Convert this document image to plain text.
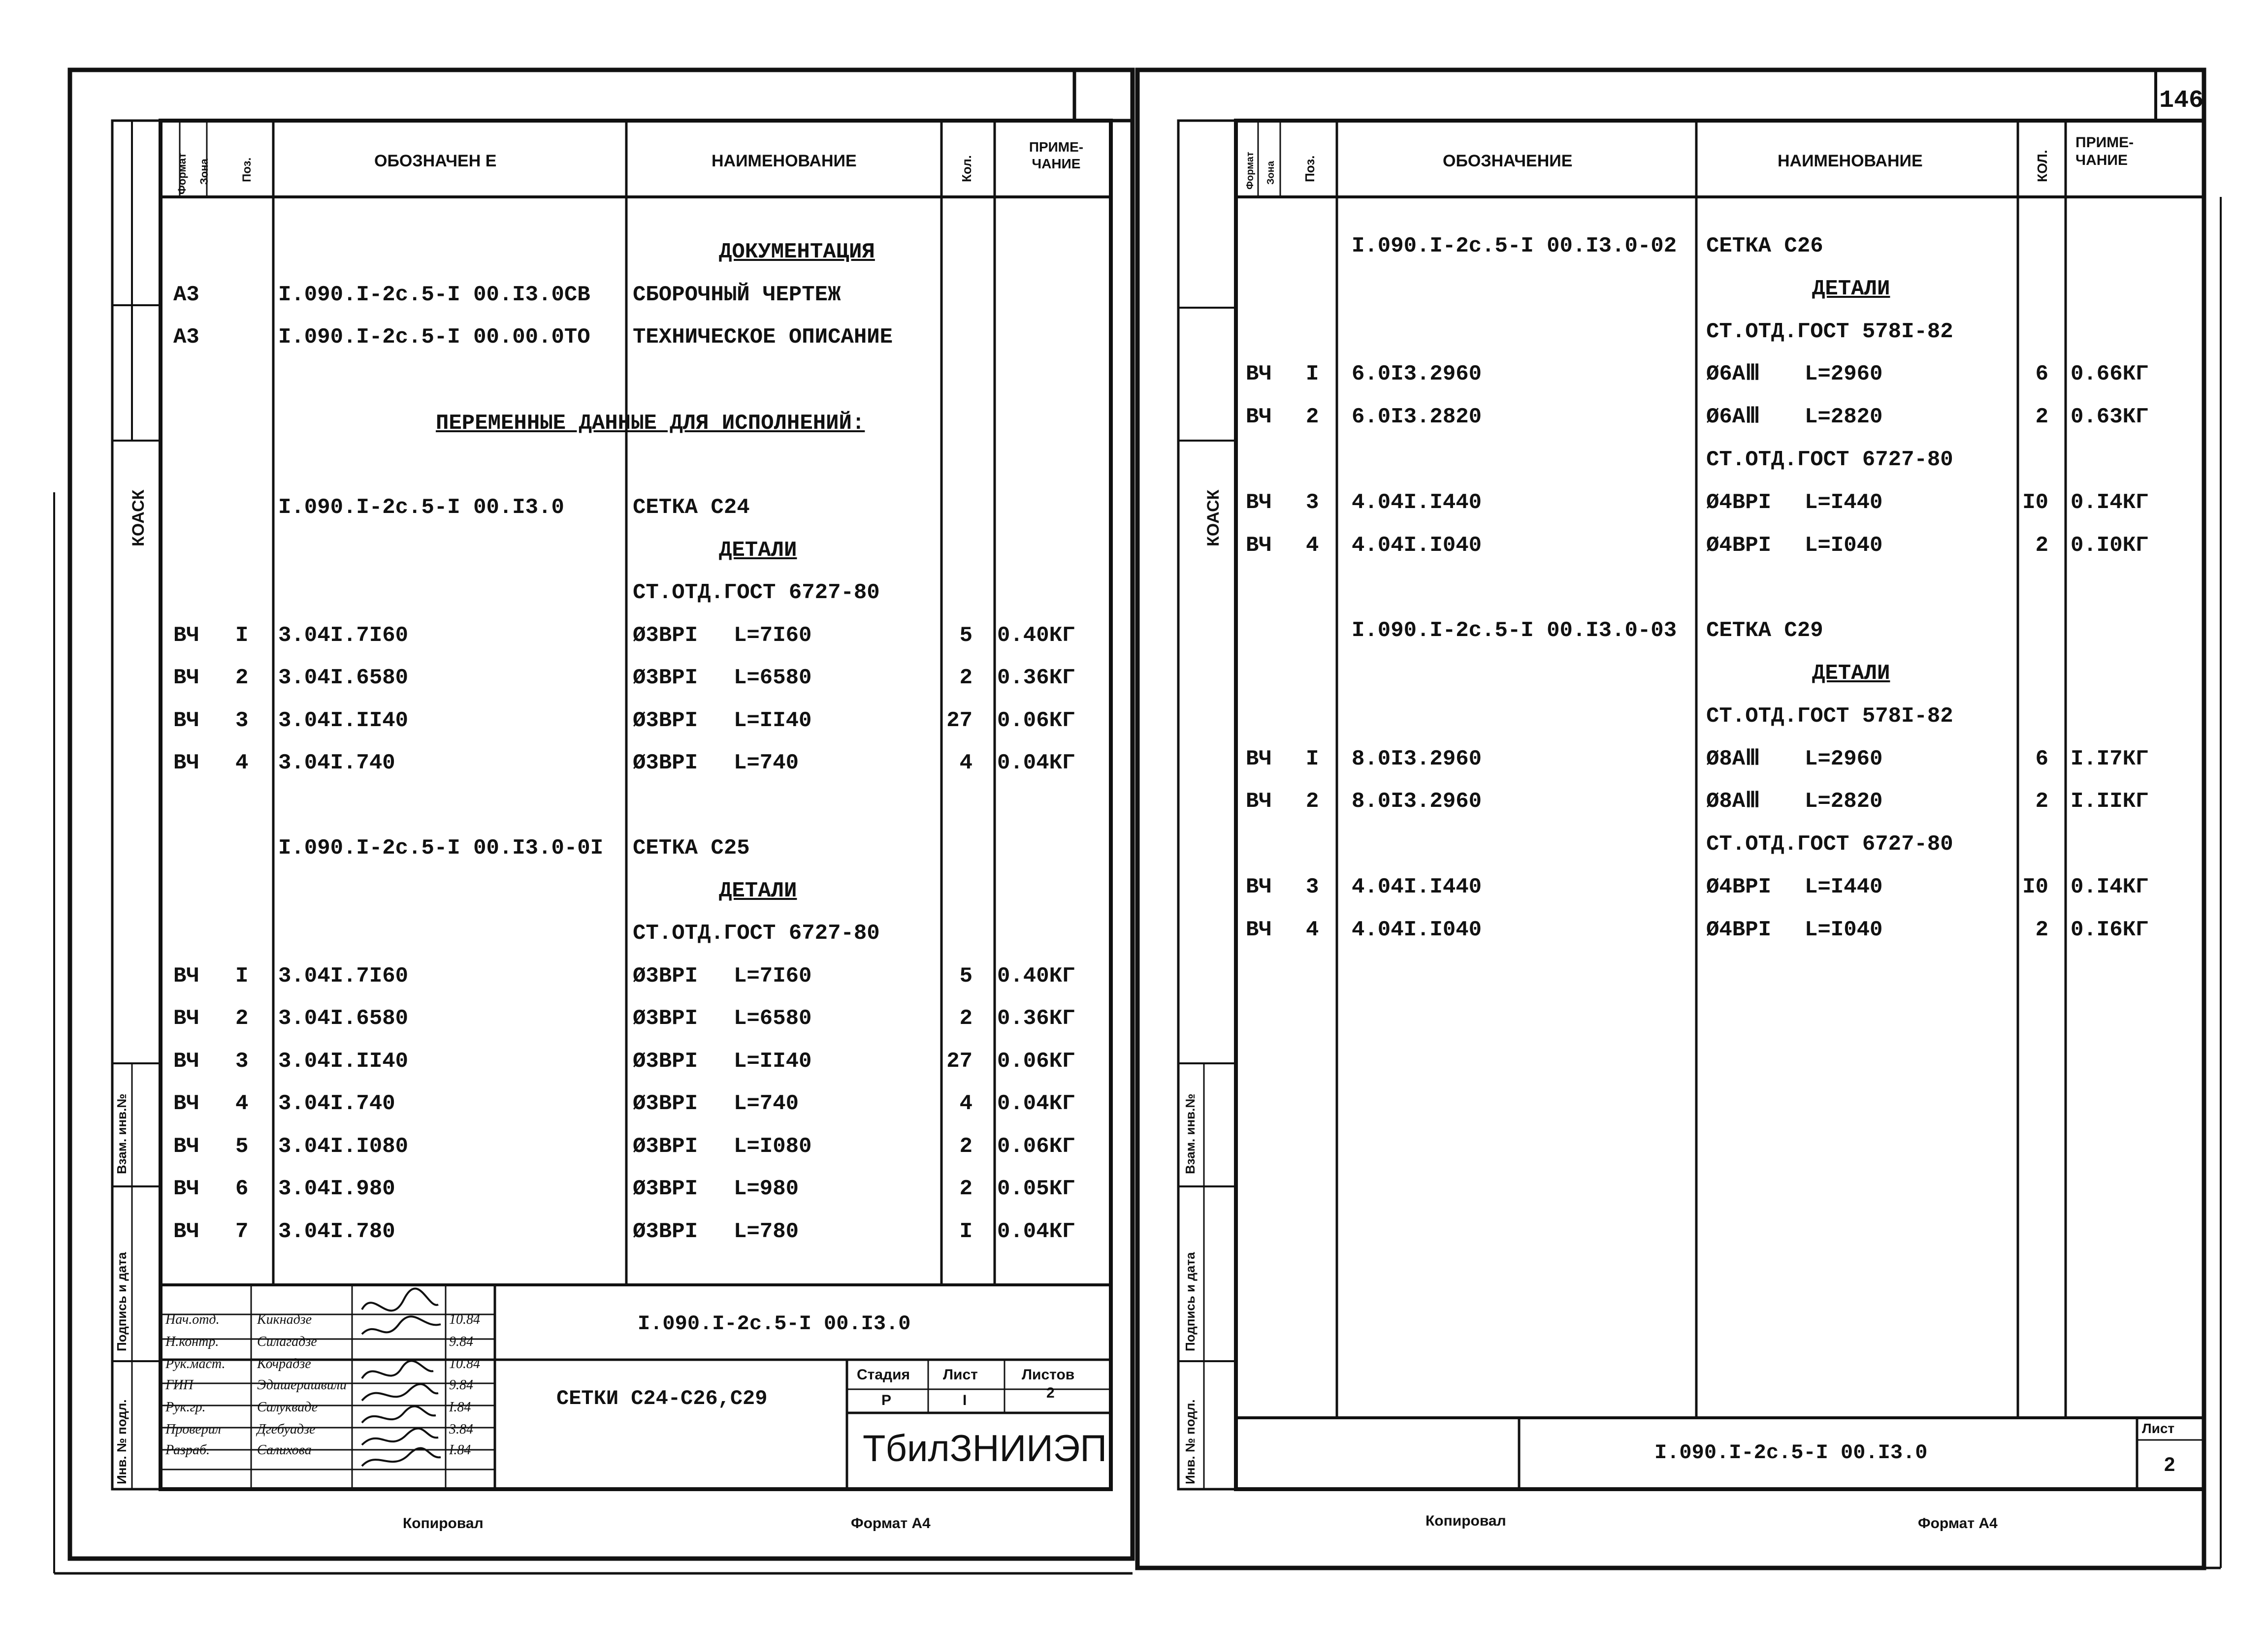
146
КОАСК
Формат Зона	Поз.	ОБОЗНАЧЕН Е	НАИМЕНОВАНИЕ	Кол.
ПРИМЕ-ЧАНИЕ
ДОКУМЕНТАЦИЯ
А3	I.090.I-2с.5-I 00.I3.0СВ СБОРОЧНЫЙ ЧЕРТЕЖ
А3	I.090.I-2с.5-I 00.00.0ТО ТЕХНИЧЕСКОЕ ОПИСАНИЕ
I.090.I-2с.5-I 00.I3.0	СЕТКА С24
ДЕТАЛИ
СТ.ОТД.ГОСТ 6727-80
ВЧ I 3.04I.7I60	Ø3ВРI L=7I60	5 0.40КГ
ВЧ 2 3.04I.6580	Ø3ВРI L=6580	2 0.36КГ
ВЧ 3 3.04I.II40	Ø3ВРI L=II40	27 0.06КГ
ВЧ 4 3.04I.740	Ø3ВРI L=740	4 0.04КГ
I.090.I-2с.5-I 00.I3.0-0I СЕТКА С25
ДЕТАЛИ
СТ.ОТД.ГОСТ 6727-80
ВЧ I 3.04I.7I60	Ø3ВРI L=7I60	5 0.40КГ
ВЧ 2 3.04I.6580	Ø3ВРI L=6580	2 0.36КГ
ВЧ 3 3.04I.II40	Ø3ВРI L=II40	27 0.06КГ
ВЧ 4 3.04I.740	Ø3ВРI L=740	4 0.04КГ
ВЧ 5 3.04I.I080	Ø3ВРI L=I080	2 0.06КГ
ВЧ 6 3.04I.980	Ø3ВРI L=980	2 0.05КГ
ВЧ 7 3.04I.780	Ø3ВРI L=780	I 0.04КГ
ПЕРЕМЕННЫЕ ДАННЫЕ ДЛЯ ИСПОЛНЕНИЙ:
Взам. инв.№
Подпись и дата
Инв. № подл.
Нач.отд.	Кикнадзе	10.84
Н.контр.	Силагадзе	9.84
Рук.маст. Кочрадзе	10.84
ГИП	Эдишерашвили	9.84
Рук.гр.	Салукваде	I.84
Проверил	Дгебуадзе	3.84
Разраб.	Салихова	I.84
I.090.I-2с.5-I 00.I3.0
СЕТКИ С24-С26,С29
Стадия
Р
Лист
I
Листов
2
ТбилЗНИИЭП
Копировал	Формат А4
КОАСК
Формат Зона Поз.	ОБОЗНАЧЕНИЕ	НАИМЕНОВАНИЕ	КОЛ.
ПРИМЕ-ЧАНИЕ
I.090.I-2с.5-I 00.I3.0-02 СЕТКА С26
ДЕТАЛИ
СТ.ОТД.ГОСТ 578I-82
ВЧ I 6.0I3.2960	Ø6АⅢ L=2960	6 0.66КГ
ВЧ 2 6.0I3.2820	Ø6АⅢ L=2820	2 0.63КГ
СТ.ОТД.ГОСТ 6727-80
ВЧ 3 4.04I.I440	Ø4ВРI L=I440	I0 0.I4КГ
ВЧ 4 4.04I.I040	Ø4ВРI L=I040	2 0.I0КГ
I.090.I-2с.5-I 00.I3.0-03 СЕТКА С29
ДЕТАЛИ
СТ.ОТД.ГОСТ 578I-82
ВЧ I 8.0I3.2960	Ø8АⅢ L=2960	6 I.I7КГ
ВЧ 2 8.0I3.2960	Ø8АⅢ L=2820	2 I.IIКГ
СТ.ОТД.ГОСТ 6727-80
ВЧ 3 4.04I.I440	Ø4ВРI L=I440	I0 0.I4КГ
ВЧ 4 4.04I.I040	Ø4ВРI L=I040	2 0.I6КГ
Взам. инв.№
Подпись и дата
Инв. № подл.	I.090.I-2с.5-I 00.I3.0
Лист
2
Копировал	Формат А4
